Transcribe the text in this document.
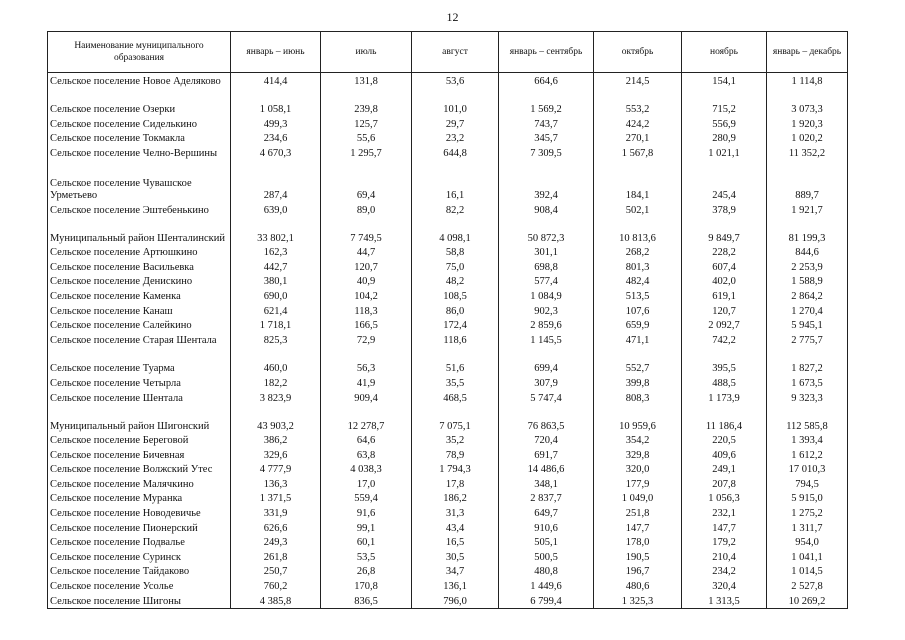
12
Наименование муниципального образования	январь – июнь	июль	август	январь – сентябрь	октябрь	ноябрь	январь – декабрь
Сельское поселение Новое Аделяково	414,4	131,8	53,6	664,6	214,5	154,1	1 114,8

Сельское поселение Озерки	1 058,1	239,8	101,0	1 569,2	553,2	715,2	3 073,3
Сельское поселение Сиделькино	499,3	125,7	29,7	743,7	424,2	556,9	1 920,3
Сельское поселение Токмакла	234,6	55,6	23,2	345,7	270,1	280,9	1 020,2
Сельское поселение Челно-Вершины	4 670,3	1 295,7	644,8	7 309,5	1 567,8	1 021,1	11 352,2

Сельское поселение Чувашское Урметьево	287,4	69,4	16,1	392,4	184,1	245,4	889,7
Сельское поселение Эштебенькино	639,0	89,0	82,2	908,4	502,1	378,9	1 921,7
Муниципальный район Шенталинский	33 802,1	7 749,5	4 098,1	50 872,3	10 813,6	9 849,7	81 199,3
Сельское поселение Артюшкино	162,3	44,7	58,8	301,1	268,2	228,2	844,6
Сельское поселение Васильевка	442,7	120,7	75,0	698,8	801,3	607,4	2 253,9
Сельское поселение Денискино	380,1	40,9	48,2	577,4	482,4	402,0	1 588,9
Сельское поселение Каменка	690,0	104,2	108,5	1 084,9	513,5	619,1	2 864,2
Сельское поселение Канаш	621,4	118,3	86,0	902,3	107,6	120,7	1 270,4
Сельское поселение Салейкино	1 718,1	166,5	172,4	2 859,6	659,9	2 092,7	5 945,1
Сельское поселение Старая Шентала	825,3	72,9	118,6	1 145,5	471,1	742,2	2 775,7

Сельское поселение Туарма	460,0	56,3	51,6	699,4	552,7	395,5	1 827,2
Сельское поселение Четырла	182,2	41,9	35,5	307,9	399,8	488,5	1 673,5
Сельское поселение Шентала	3 823,9	909,4	468,5	5 747,4	808,3	1 173,9	9 323,3
Муниципальный район Шигонский	43 903,2	12 278,7	7 075,1	76 863,5	10 959,6	11 186,4	112 585,8
Сельское поселение Береговой	386,2	64,6	35,2	720,4	354,2	220,5	1 393,4
Сельское поселение Бичевная	329,6	63,8	78,9	691,7	329,8	409,6	1 612,2
Сельское поселение Волжский Утес	4 777,9	4 038,3	1 794,3	14 486,6	320,0	249,1	17 010,3
Сельское поселение Малячкино	136,3	17,0	17,8	348,1	177,9	207,8	794,5
Сельское поселение Муранка	1 371,5	559,4	186,2	2 837,7	1 049,0	1 056,3	5 915,0
Сельское поселение Новодевичье	331,9	91,6	31,3	649,7	251,8	232,1	1 275,2
Сельское поселение Пионерский	626,6	99,1	43,4	910,6	147,7	147,7	1 311,7
Сельское поселение Подвалье	249,3	60,1	16,5	505,1	178,0	179,2	954,0
Сельское поселение Суринск	261,8	53,5	30,5	500,5	190,5	210,4	1 041,1
Сельское поселение Тайдаково	250,7	26,8	34,7	480,8	196,7	234,2	1 014,5
Сельское поселение Усолье	760,2	170,8	136,1	1 449,6	480,6	320,4	2 527,8
Сельское поселение Шигоны	4 385,8	836,5	796,0	6 799,4	1 325,3	1 313,5	10 269,2
